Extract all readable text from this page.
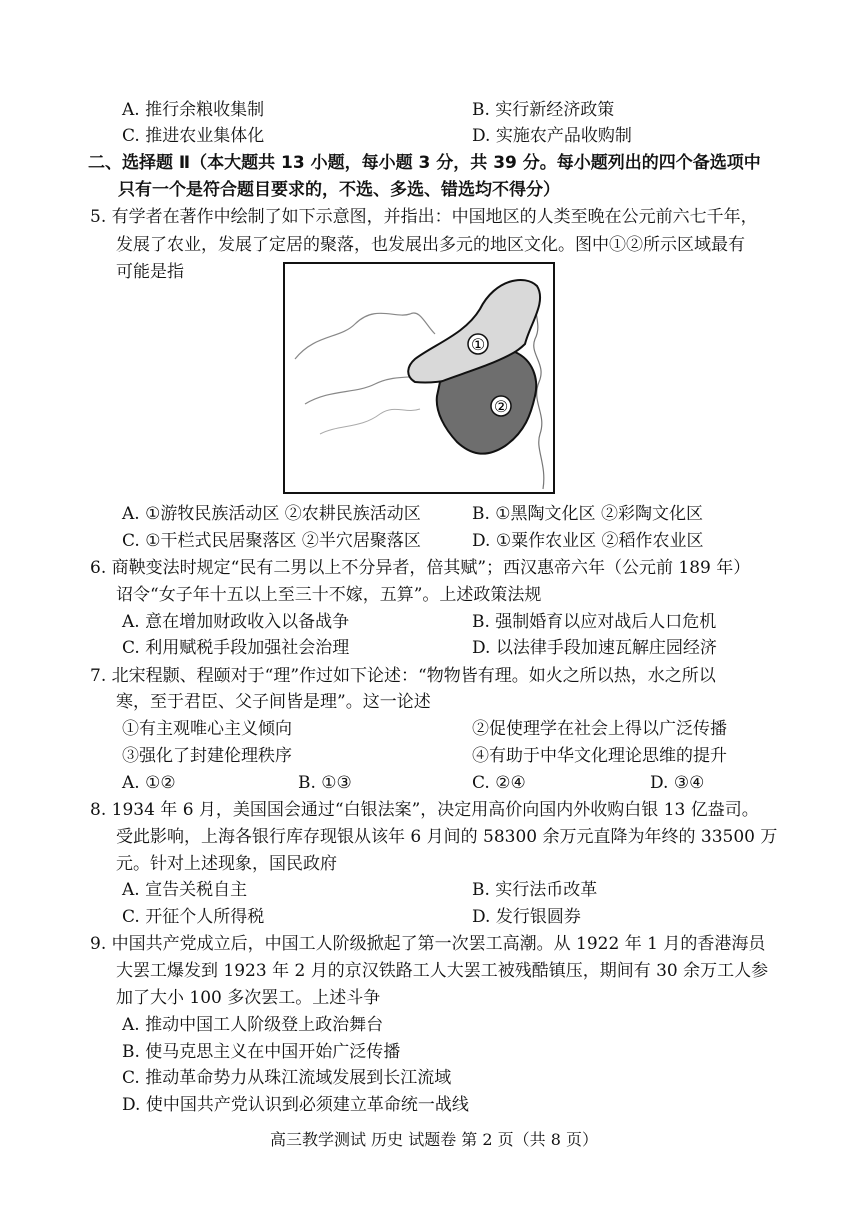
A. 推行余粮收集制	B. 实行新经济政策
C. 推进农业集体化	D. 实施农产品收购制
二、选择题 Ⅱ（本大题共 13 小题，每小题 3 分，共 39 分。每小题列出的四个备选项中
只有一个是符合题目要求的，不选、多选、错选均不得分）
5. 有学者在著作中绘制了如下示意图，并指出：中国地区的人类至晚在公元前六七千年，
发展了农业，发展了定居的聚落，也发展出多元的地区文化。图中①②所示区域最有
可能是指
①
②
A. ①游牧民族活动区 ②农耕民族活动区	B. ①黑陶文化区 ②彩陶文化区
C. ①干栏式民居聚落区 ②半穴居聚落区	D. ①粟作农业区 ②稻作农业区
6. 商鞅变法时规定“民有二男以上不分异者，倍其赋”；西汉惠帝六年（公元前 189 年）
诏令“女子年十五以上至三十不嫁，五算”。上述政策法规
A. 意在增加财政收入以备战争	B. 强制婚育以应对战后人口危机
C. 利用赋税手段加强社会治理	D. 以法律手段加速瓦解庄园经济
7. 北宋程颢、程颐对于“理”作过如下论述：“物物皆有理。如火之所以热，水之所以
寒，至于君臣、父子间皆是理”。这一论述
①有主观唯心主义倾向	②促使理学在社会上得以广泛传播
③强化了封建伦理秩序	④有助于中华文化理论思维的提升
A. ①②	B. ①③	C. ②④	D. ③④
8. 1934 年 6 月，美国国会通过“白银法案”，决定用高价向国内外收购白银 13 亿盎司。
受此影响，上海各银行库存现银从该年 6 月间的 58300 余万元直降为年终的 33500 万
元。针对上述现象，国民政府
A. 宣告关税自主	B. 实行法币改革
C. 开征个人所得税	D. 发行银圆券
9. 中国共产党成立后，中国工人阶级掀起了第一次罢工高潮。从 1922 年 1 月的香港海员
大罢工爆发到 1923 年 2 月的京汉铁路工人大罢工被残酷镇压，期间有 30 余万工人参
加了大小 100 多次罢工。上述斗争
A. 推动中国工人阶级登上政治舞台
B. 使马克思主义在中国开始广泛传播
C. 推动革命势力从珠江流域发展到长江流域
D. 使中国共产党认识到必须建立革命统一战线
高三教学测试 历史 试题卷 第 2 页（共 8 页）
